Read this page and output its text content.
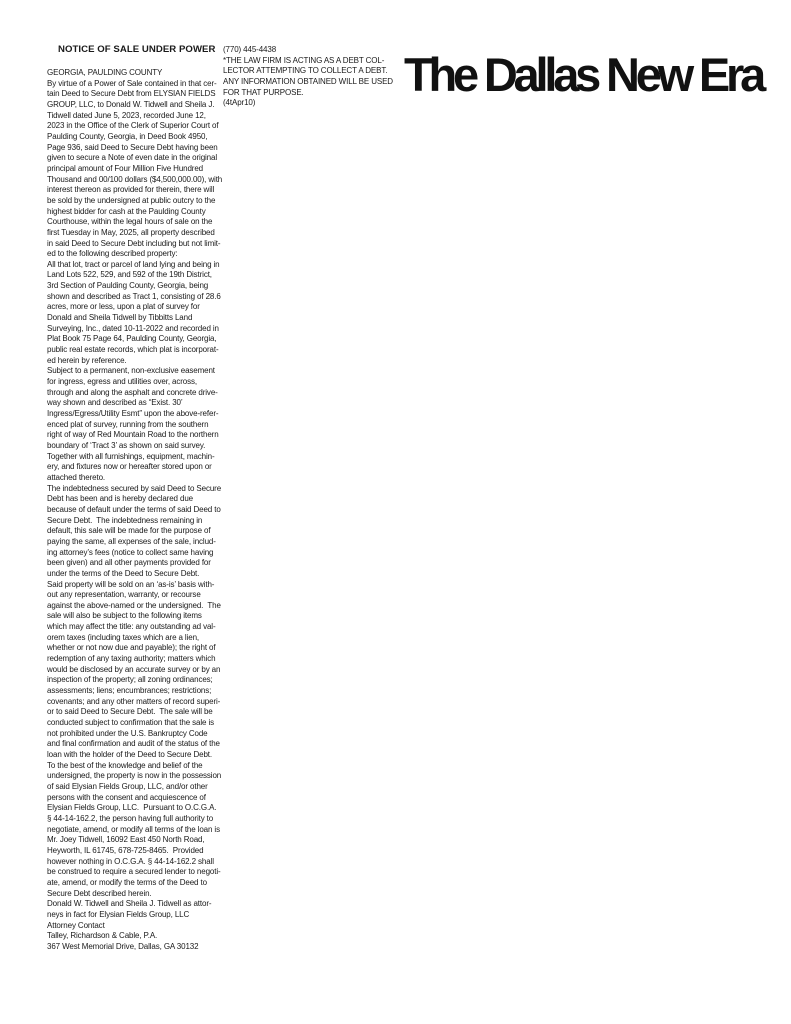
NOTICE OF SALE UNDER POWER
GEORGIA, PAULDING COUNTY
By virtue of a Power of Sale contained in that cer-
tain Deed to Secure Debt from ELYSIAN FIELDS
GROUP, LLC, to Donald W. Tidwell and Sheila J.
Tidwell dated June 5, 2023, recorded June 12,
2023 in the Office of the Clerk of Superior Court of
Paulding County, Georgia, in Deed Book 4950,
Page 936, said Deed to Secure Debt having been
given to secure a Note of even date in the original
principal amount of Four Million Five Hundred
Thousand and 00/100 dollars ($4,500,000.00), with
interest thereon as provided for therein, there will
be sold by the undersigned at public outcry to the
highest bidder for cash at the Paulding County
Courthouse, within the legal hours of sale on the
first Tuesday in May, 2025, all property described
in said Deed to Secure Debt including but not limit-
ed to the following described property:
All that lot, tract or parcel of land lying and being in
Land Lots 522, 529, and 592 of the 19th District,
3rd Section of Paulding County, Georgia, being
shown and described as Tract 1, consisting of 28.6
acres, more or less, upon a plat of survey for
Donald and Sheila Tidwell by Tibbitts Land
Surveying, Inc., dated 10-11-2022 and recorded in
Plat Book 75 Page 64, Paulding County, Georgia,
public real estate records, which plat is incorporat-
ed herein by reference.
Subject to a permanent, non-exclusive easement
for ingress, egress and utilities over, across,
through and along the asphalt and concrete drive-
way shown and described as “Exist. 30’
Ingress/Egress/Utility Esmt” upon the above-refer-
enced plat of survey, running from the southern
right of way of Red Mountain Road to the northern
boundary of ‘Tract 3’ as shown on said survey.
Together with all furnishings, equipment, machin-
ery, and fixtures now or hereafter stored upon or
attached thereto.
The indebtedness secured by said Deed to Secure
Debt has been and is hereby declared due
because of default under the terms of said Deed to
Secure Debt.  The indebtedness remaining in
default, this sale will be made for the purpose of
paying the same, all expenses of the sale, includ-
ing attorney’s fees (notice to collect same having
been given) and all other payments provided for
under the terms of the Deed to Secure Debt.
Said property will be sold on an ‘as-is’ basis with-
out any representation, warranty, or recourse
against the above-named or the undersigned.  The
sale will also be subject to the following items
which may affect the title: any outstanding ad val-
orem taxes (including taxes which are a lien,
whether or not now due and payable); the right of
redemption of any taxing authority; matters which
would be disclosed by an accurate survey or by an
inspection of the property; all zoning ordinances;
assessments; liens; encumbrances; restrictions;
covenants; and any other matters of record superi-
or to said Deed to Secure Debt.  The sale will be
conducted subject to confirmation that the sale is
not prohibited under the U.S. Bankruptcy Code
and final confirmation and audit of the status of the
loan with the holder of the Deed to Secure Debt.
To the best of the knowledge and belief of the
undersigned, the property is now in the possession
of said Elysian Fields Group, LLC, and/or other
persons with the consent and acquiescence of
Elysian Fields Group, LLC.  Pursuant to O.C.G.A.
§ 44-14-162.2, the person having full authority to
negotiate, amend, or modify all terms of the loan is
Mr. Joey Tidwell, 16092 East 450 North Road,
Heyworth, IL 61745, 678-725-8465.  Provided
however nothing in O.C.G.A. § 44-14-162.2 shall
be construed to require a secured lender to negoti-
ate, amend, or modify the terms of the Deed to
Secure Debt described herein.
Donald W. Tidwell and Sheila J. Tidwell as attor-
neys in fact for Elysian Fields Group, LLC
Attorney Contact
Talley, Richardson & Cable, P.A.
367 West Memorial Drive, Dallas, GA 30132
(770) 445-4438
*THE LAW FIRM IS ACTING AS A DEBT COL-
LECTOR ATTEMPTING TO COLLECT A DEBT.
ANY INFORMATION OBTAINED WILL BE USED
FOR THAT PURPOSE.
(4tApr10)
The Dallas New Era
